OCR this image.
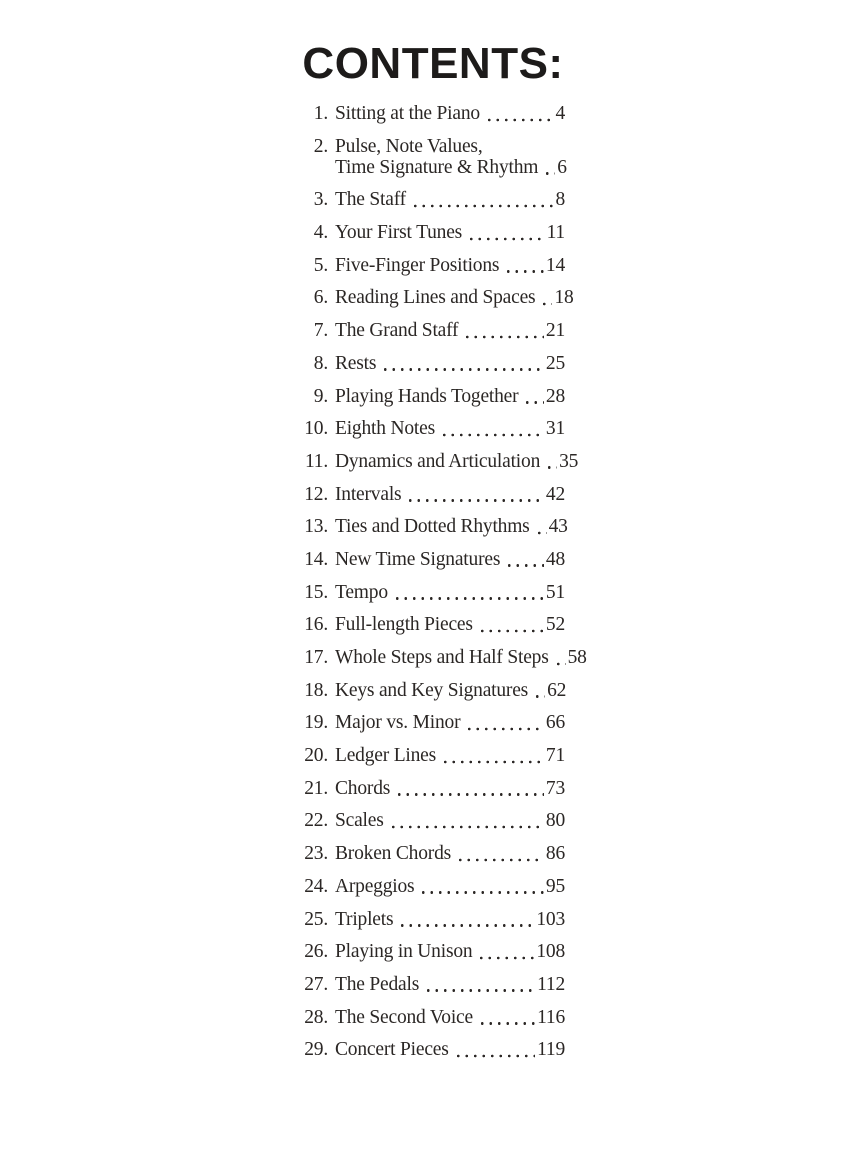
CONTENTS:
1. Sitting at the Piano	4
2. Pulse, Note Values,
Time Signature & Rhythm 6
3. The Staff	8
4. Your First Tunes	11
5. Five-Finger Positions 14
6. Reading Lines and Spaces 18
7. The Grand Staff	21
8. Rests	25
9. Playing Hands Together 28
10. Eighth Notes	31
11. Dynamics and Articulation 35
12. Intervals	42
13. Ties and Dotted Rhythms 43
14. New Time Signatures 48
15. Tempo	51
16. Full-length Pieces	52
17. Whole Steps and Half Steps 58
18. Keys and Key Signatures 62
19. Major vs. Minor	66
20. Ledger Lines	71
21. Chords	73
22. Scales	80
23. Broken Chords	86
24. Arpeggios	95
25. Triplets	103
26. Playing in Unison	108
27. The Pedals	112
28. The Second Voice	116
29. Concert Pieces	119
